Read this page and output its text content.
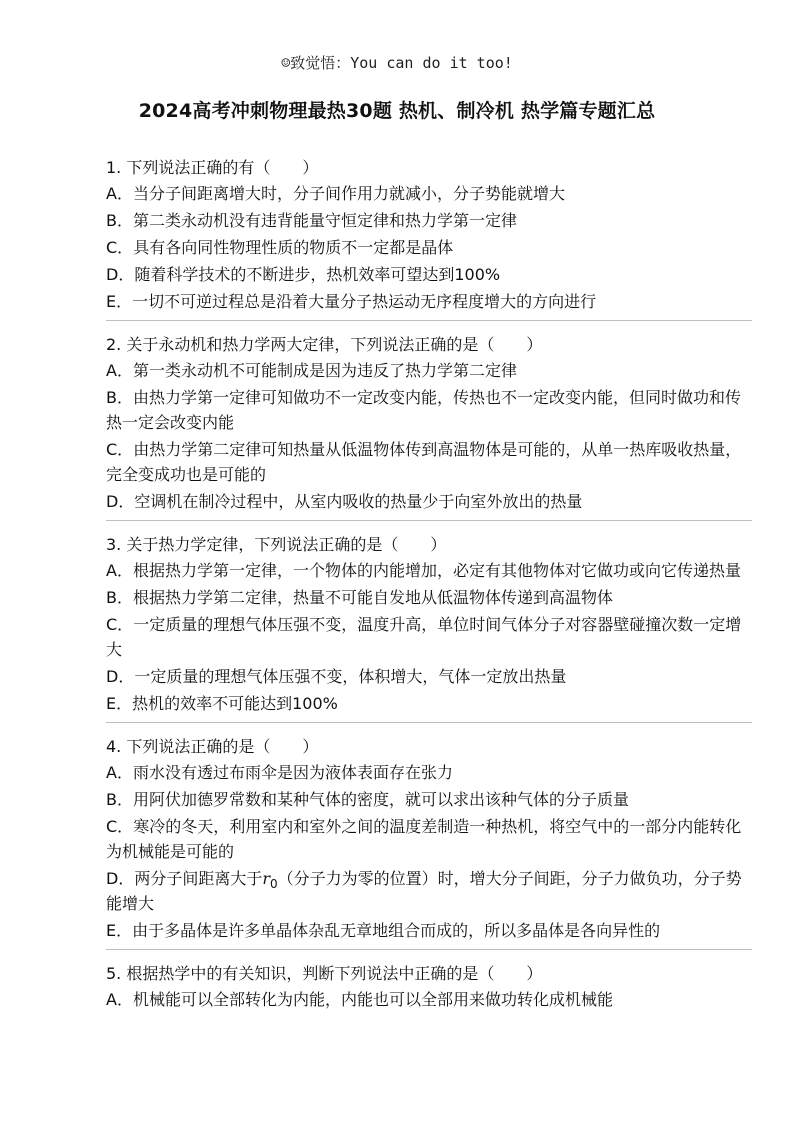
☺致觉悟：You can do it too!
2024高考冲刺物理最热30题 热机、制冷机 热学篇专题汇总

1. 下列说法正确的有（　　）

A．当分子间距离增大时，分子间作用力就减小，分子势能就增大

B．第二类永动机没有违背能量守恒定律和热力学第一定律

C．具有各向同性物理性质的物质不一定都是晶体

D．随着科学技术的不断进步，热机效率可望达到100%

E．一切不可逆过程总是沿着大量分子热运动无序程度增大的方向进行

2. 关于永动机和热力学两大定律，下列说法正确的是（　　）

A．第一类永动机不可能制成是因为违反了热力学第二定律

B．由热力学第一定律可知做功不一定改变内能，传热也不一定改变内能，但同时做功和传热一定会改变内能

C．由热力学第二定律可知热量从低温物体传到高温物体是可能的，从单一热库吸收热量，完全变成功也是可能的

D．空调机在制冷过程中，从室内吸收的热量少于向室外放出的热量

3. 关于热力学定律，下列说法正确的是（　　）

A．根据热力学第一定律，一个物体的内能增加，必定有其他物体对它做功或向它传递热量

B．根据热力学第二定律，热量不可能自发地从低温物体传递到高温物体

C．一定质量的理想气体压强不变，温度升高，单位时间气体分子对容器壁碰撞次数一定增大

D．一定质量的理想气体压强不变，体积增大，气体一定放出热量

E．热机的效率不可能达到100%

4. 下列说法正确的是（　　）

A．雨水没有透过布雨伞是因为液体表面存在张力

B．用阿伏加德罗常数和某种气体的密度，就可以求出该种气体的分子质量

C．寒冷的冬天，利用室内和室外之间的温度差制造一种热机，将空气中的一部分内能转化为机械能是可能的

D．两分子间距离大于$r_0$（分子力为零的位置）时，增大分子间距，分子力做负功，分子势能增大

E．由于多晶体是许多单晶体杂乱无章地组合而成的，所以多晶体是各向异性的

5. 根据热学中的有关知识，判断下列说法中正确的是（　　）

A．机械能可以全部转化为内能，内能也可以全部用来做功转化成机械能
